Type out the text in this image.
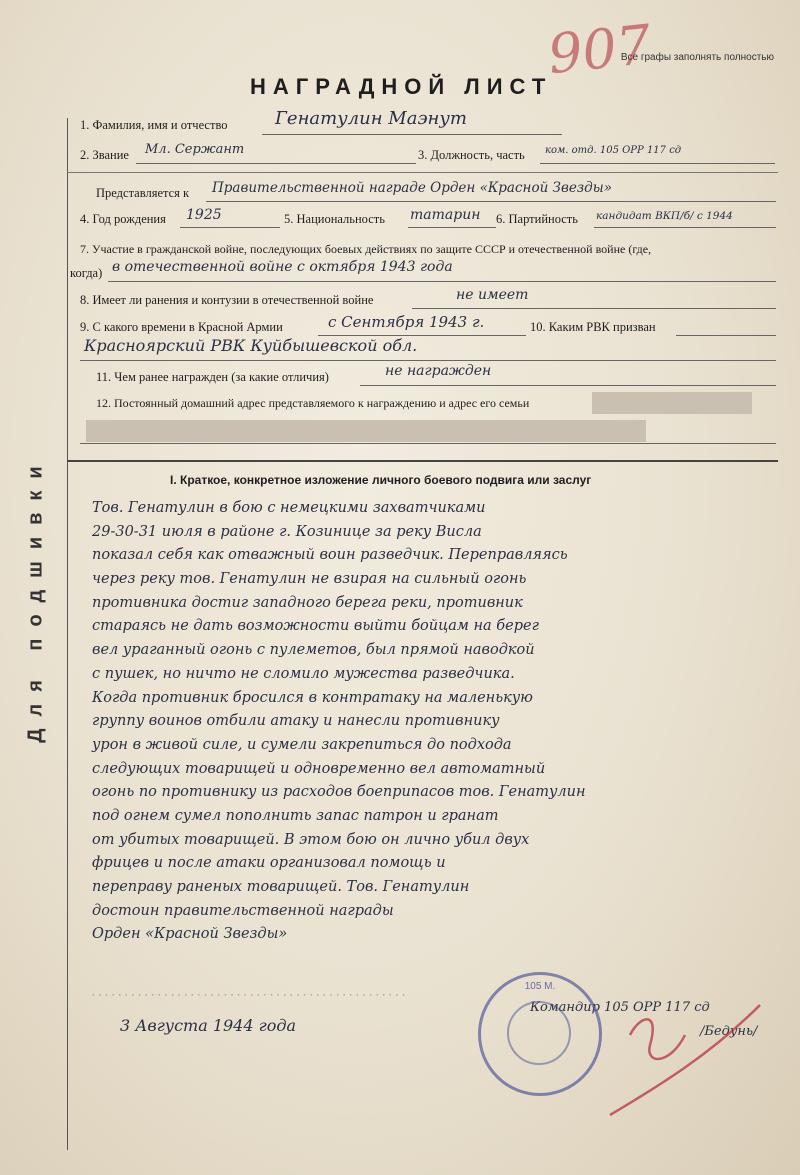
Для подшивки
Все графы заполнять полностью
НАГРАДНОЙ ЛИСТ
907
1. Фамилия, имя и отчество	Генатулин Маэнут
2. Звание Мл. Сержант	3. Должность, часть ком. отд. 105 ОРР 117 сд
Представляется к Правительственной награде Орден «Красной Звезды»
4. Год рождения 1925	5. Национальность татарин 6. Партийность кандидат ВКП/б/ с 1944
7. Участие в гражданской войне, последующих боевых действиях по защите СССР и отечественной войне (где,
когда) в отечественной войне с октября 1943 года
8. Имеет ли ранения и контузии в отечественной войне	не имеет
9. С какого времени в Красной Армии	с Сентября 1943 г.	10. Каким РВК призван
Красноярский РВК Куйбышевской обл.
11. Чем ранее награжден (за какие отличия)	не награжден
12. Постоянный домашний адрес представляемого к награждению и адрес его семьи
I. Краткое, конкретное изложение личного боевого подвига или заслуг
Тов. Генатулин в бою с немецкими захватчиками
29-30-31 июля в районе г. Козинице за реку Висла
показал себя как отважный воин разведчик. Переправляясь
через реку тов. Генатулин не взирая на сильный огонь
противника достиг западного берега реки, противник
стараясь не дать возможности выйти бойцам на берег
вел ураганный огонь с пулеметов, был прямой наводкой
с пушек, но ничто не сломило мужества разведчика.
Когда противник бросился в контратаку на маленькую
группу воинов отбили атаку и нанесли противнику
урон в живой силе, и сумели закрепиться до подхода
следующих товарищей и одновременно вел автоматный
огонь по противнику из расходов боеприпасов тов. Генатулин
под огнем сумел пополнить запас патрон и гранат
от убитых товарищей. В этом бою он лично убил двух
фрицев и после атаки организовал помощь и
переправу раненых товарищей. Тов. Генатулин
достоин правительственной награды
Орден «Красной Звезды»
................................................
3 Августа 1944 года
Командир 105 ОРР 117 сд
/Бедунь/
105 М.
